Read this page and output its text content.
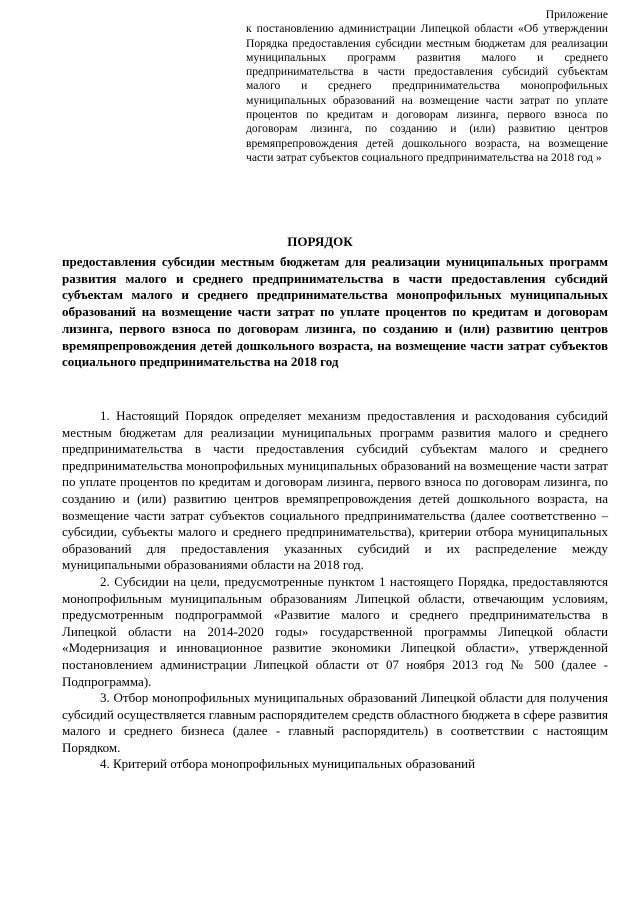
Приложение
к постановлению администрации Липецкой области «Об утверждении Порядка предоставления субсидии местным бюджетам для реализации муниципальных программ развития малого и среднего предпринимательства в части предоставления субсидий субъектам малого и среднего предпринимательства монопрофильных муниципальных образований на возмещение части затрат по уплате процентов по кредитам и договорам лизинга, первого взноса по договорам лизинга, по созданию и (или) развитию центров времяпрепровождения детей дошкольного возраста, на возмещение части затрат субъектов социального предпринимательства на 2018 год »
ПОРЯДОК
предоставления субсидии местным бюджетам для реализации муниципальных программ развития малого и среднего предпринимательства в части предоставления субсидий субъектам малого и среднего предпринимательства монопрофильных муниципальных образований на возмещение части затрат по уплате процентов по кредитам и договорам лизинга, первого взноса по договорам лизинга, по созданию и (или) развитию центров времяпрепровождения детей дошкольного возраста, на возмещение части затрат субъектов социального предпринимательства на 2018 год

1. Настоящий Порядок определяет механизм предоставления и расходования субсидий местным бюджетам для реализации муниципальных программ развития малого и среднего предпринимательства в части предоставления субсидий субъектам малого и среднего предпринимательства монопрофильных муниципальных образований на возмещение части затрат по уплате процентов по кредитам и договорам лизинга, первого взноса по договорам лизинга, по созданию и (или) развитию центров времяпрепровождения детей дошкольного возраста, на возмещение части затрат субъектов социального предпринимательства (далее соответственно – субсидии, субъекты малого и среднего предпринимательства), критерии отбора муниципальных образований для предоставления указанных субсидий и их распределение между муниципальными образованиями области на 2018 год.

2. Субсидии на цели, предусмотренные пунктом 1 настоящего Порядка, предоставляются монопрофильным муниципальным образованиям Липецкой области, отвечающим условиям, предусмотренным подпрограммой «Развитие малого и среднего предпринимательства в Липецкой области на 2014-2020 годы» государственной программы Липецкой области «Модернизация и инновационное развитие экономики Липецкой области», утвержденной постановлением администрации Липецкой области от 07 ноября 2013 год № 500 (далее - Подпрограмма).

3. Отбор монопрофильных муниципальных образований Липецкой области для получения субсидий осуществляется главным распорядителем средств областного бюджета в сфере развития малого и среднего бизнеса (далее - главный распорядитель) в соответствии с настоящим Порядком.

4. Критерий отбора монопрофильных муниципальных образований
